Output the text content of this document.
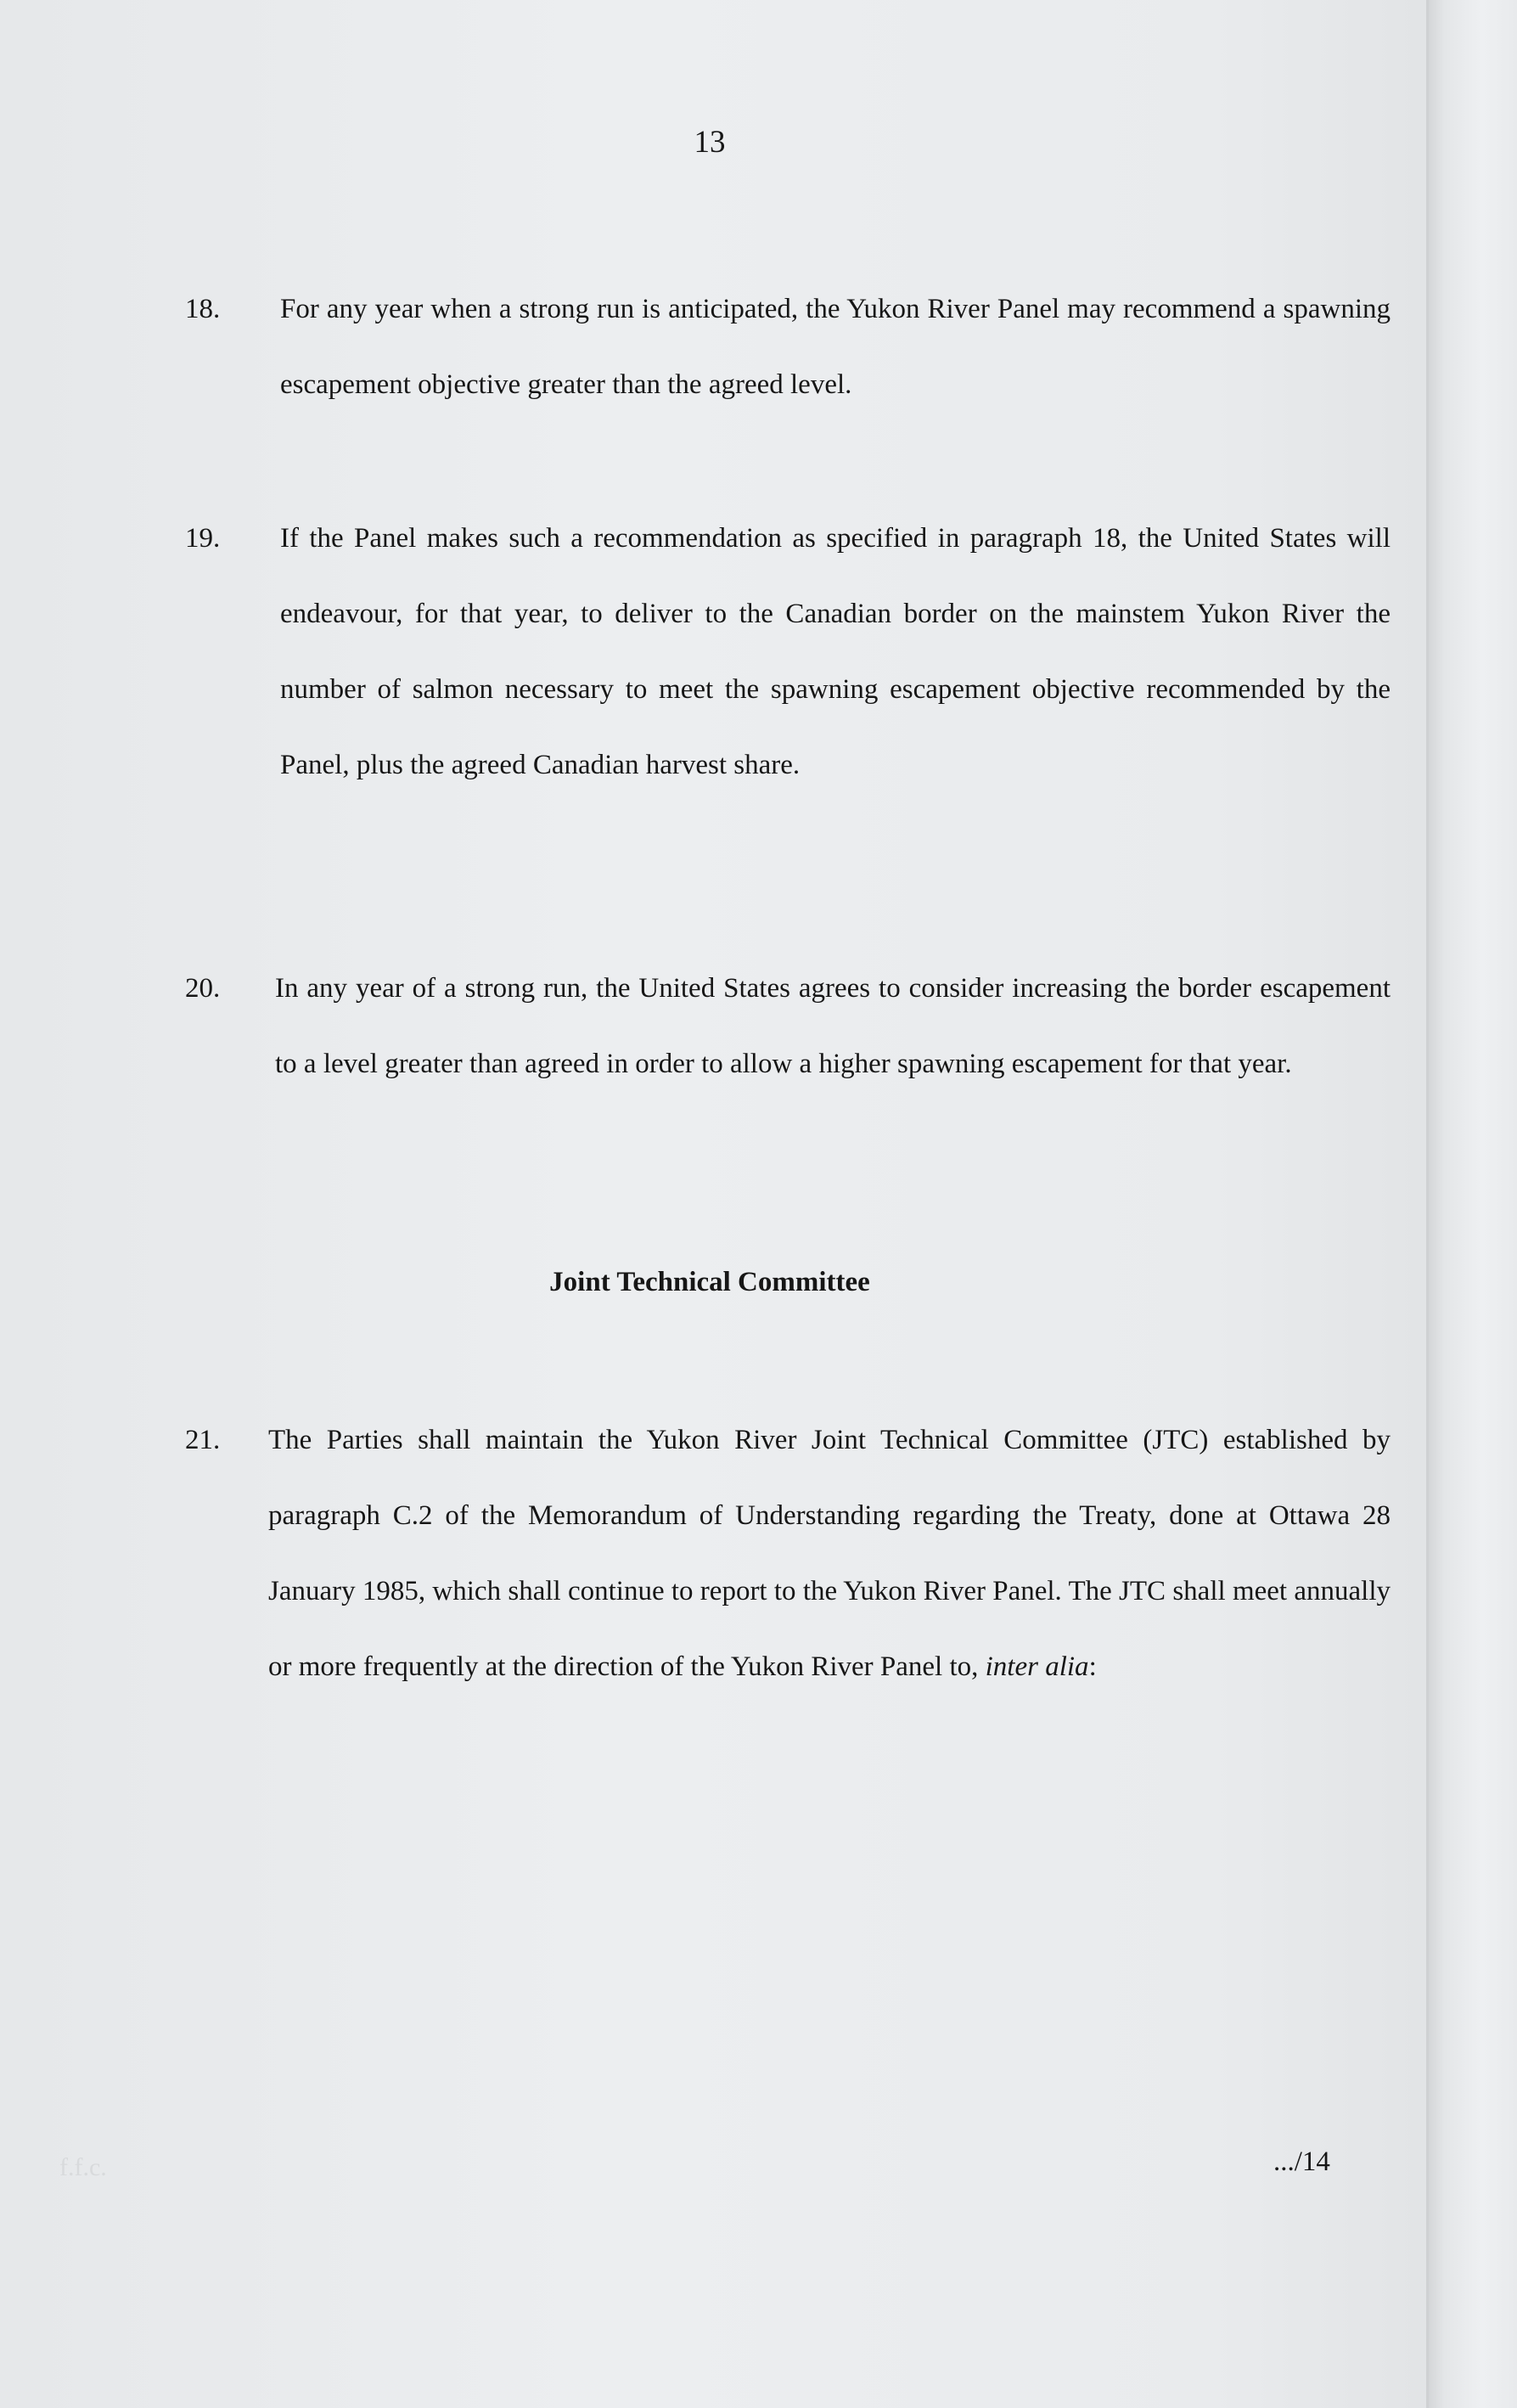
13
18.	For any year when a strong run is anticipated, the Yukon River Panel may recommend a spawning escapement objective greater than the agreed level.
19.	If the Panel makes such a recommendation as specified in paragraph 18, the United States will endeavour, for that year, to deliver to the Canadian border on the mainstem Yukon River the number of salmon necessary to meet the spawning escapement objective recommended by the Panel, plus the agreed Canadian harvest share.
20.	In any year of a strong run, the United States agrees to consider increasing the border escapement to a level greater than agreed in order to allow a higher spawning escapement for that year.
Joint Technical Committee
21.	The Parties shall maintain the Yukon River Joint Technical Committee (JTC) established by paragraph C.2 of the Memorandum of Understanding regarding the Treaty, done at Ottawa 28 January 1985, which shall continue to report to the Yukon River Panel. The JTC shall meet annually or more frequently at the direction of the Yukon River Panel to, inter alia:
f.f.c.	.../14
